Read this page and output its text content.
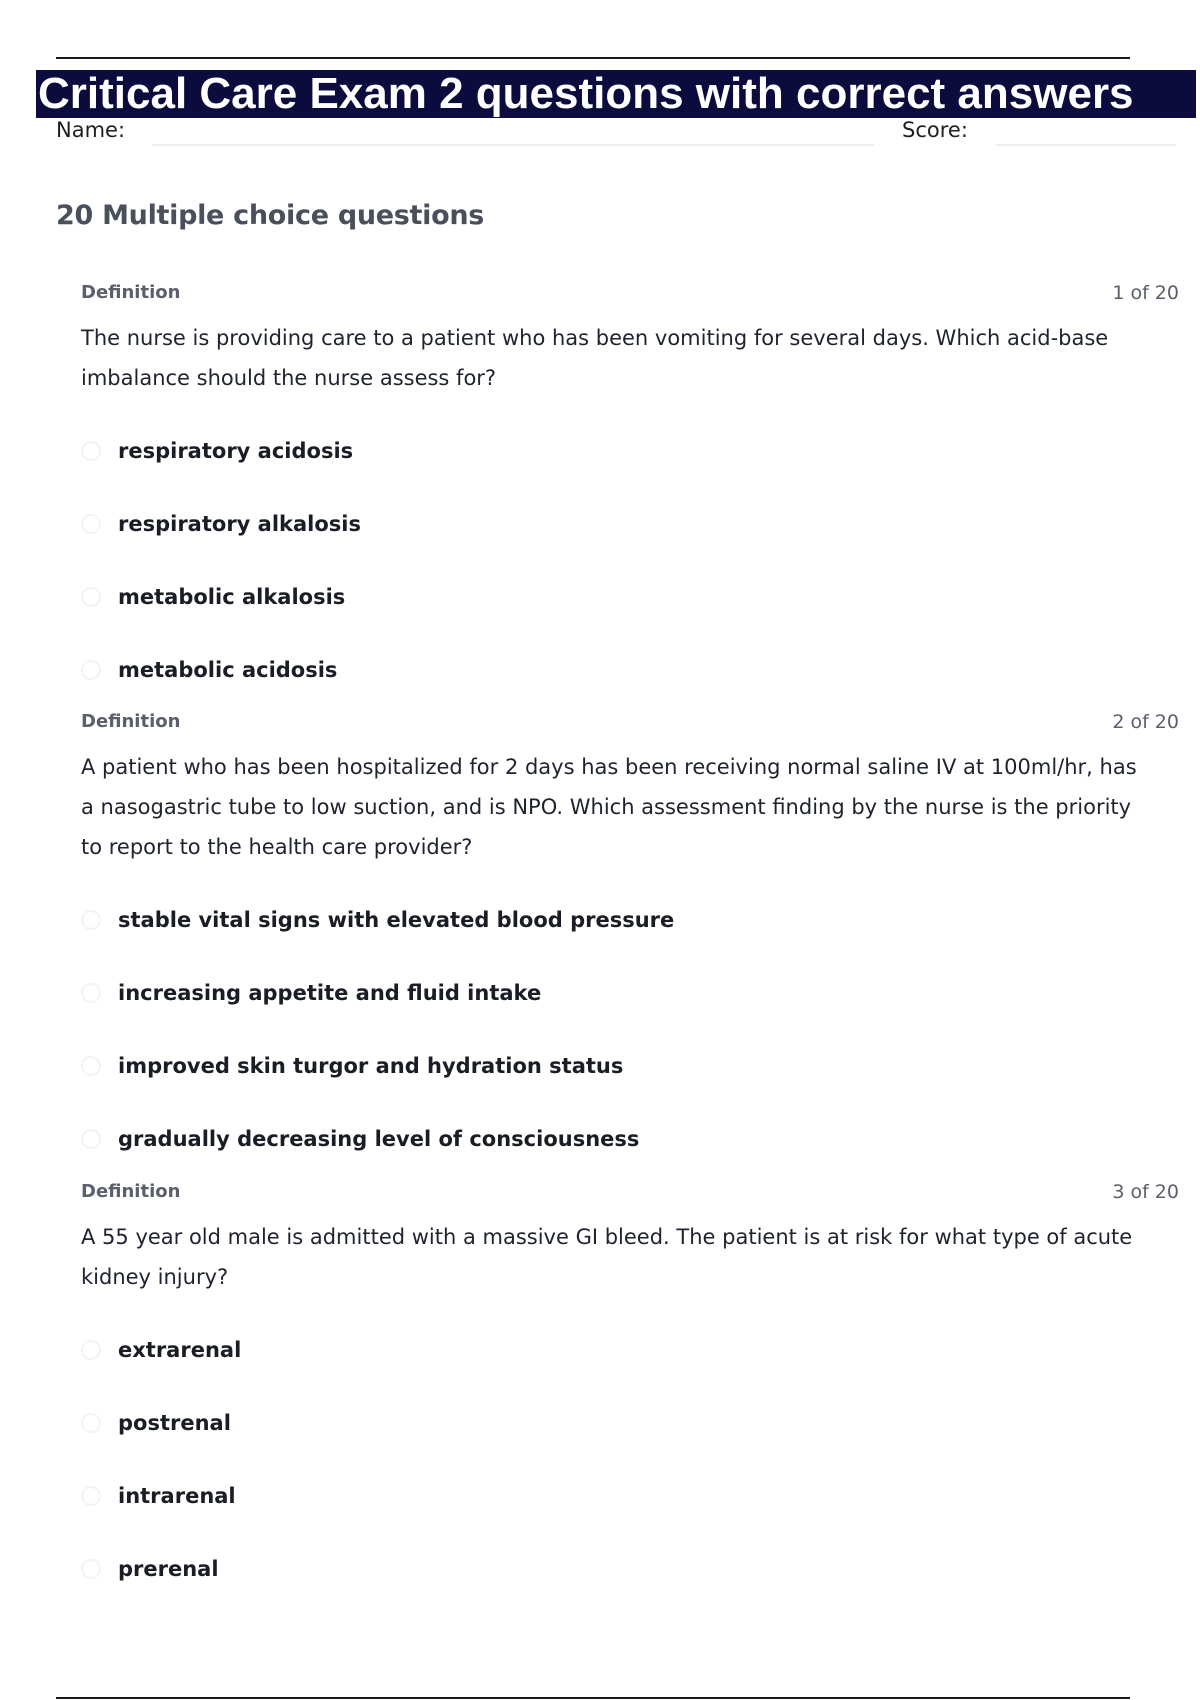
Critical Care Exam 2 questions with correct answers
Name:	Score:
20 Multiple choice questions
Definition	1 of 20
The nurse is providing care to a patient who has been vomiting for several days. Which acid-base imbalance should the nurse assess for?
respiratory acidosis
respiratory alkalosis
metabolic alkalosis
metabolic acidosis
Definition	2 of 20
A patient who has been hospitalized for 2 days has been receiving normal saline IV at 100ml/hr, has a nasogastric tube to low suction, and is NPO. Which assessment finding by the nurse is the priority to report to the health care provider?
stable vital signs with elevated blood pressure
increasing appetite and fluid intake
improved skin turgor and hydration status
gradually decreasing level of consciousness
Definition	3 of 20
A 55 year old male is admitted with a massive GI bleed. The patient is at risk for what type of acute kidney injury?
extrarenal
postrenal
intrarenal
prerenal
